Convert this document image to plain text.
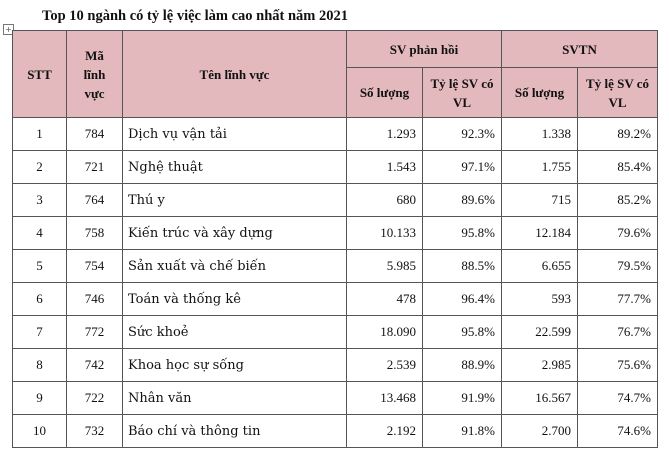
Top 10 ngành có tỷ lệ việc làm cao nhất năm 2021
+
STT	Mã lĩnh vực	Tên lĩnh vực	SV phản hồi		SVTN	
			Số lượng	Tỷ lệ SV có VL	Số lượng	Tỷ lệ SV có VL
1	784	Dịch vụ vận tải	1.293	92.3%	1.338	89.2%
2	721	Nghệ thuật	1.543	97.1%	1.755	85.4%
3	764	Thú y	680	89.6%	715	85.2%
4	758	Kiến trúc và xây dựng	10.133	95.8%	12.184	79.6%
5	754	Sản xuất và chế biến	5.985	88.5%	6.655	79.5%
6	746	Toán và thống kê	478	96.4%	593	77.7%
7	772	Sức khoẻ	18.090	95.8%	22.599	76.7%
8	742	Khoa học sự sống	2.539	88.9%	2.985	75.6%
9	722	Nhân văn	13.468	91.9%	16.567	74.7%
10	732	Báo chí và thông tin	2.192	91.8%	2.700	74.6%
